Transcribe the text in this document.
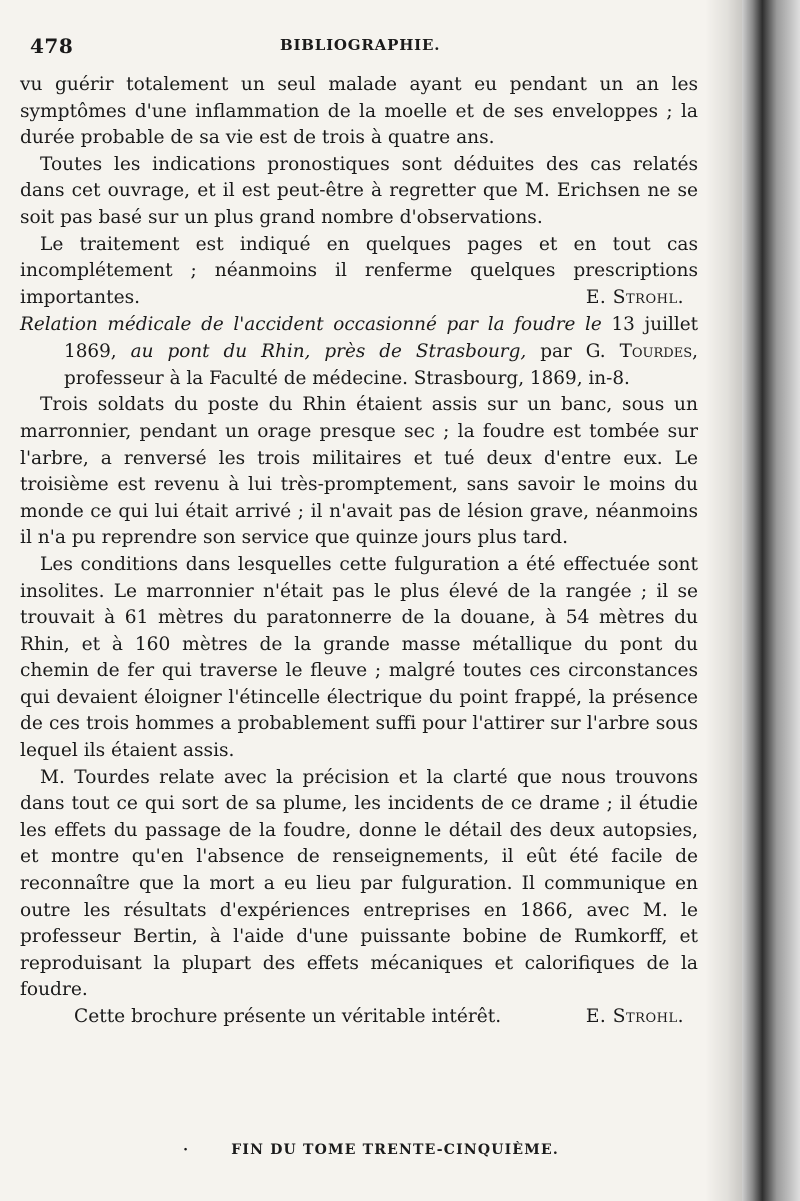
478	BIBLIOGRAPHIE.

vu guérir totalement un seul malade ayant eu pendant un an les symptômes d'une inflammation de la moelle et de ses enveloppes ; la durée probable de sa vie est de trois à quatre ans.

Toutes les indications pronostiques sont déduites des cas relatés dans cet ouvrage, et il est peut-être à regretter que M. Erichsen ne se soit pas basé sur un plus grand nombre d'observations.

Le traitement est indiqué en quelques pages et en tout cas incomplétement ; néanmoins il renferme quelques prescriptions importantes.	E. Strohl.

Relation médicale de l'accident occasionné par la foudre le 13 juillet 1869, au pont du Rhin, près de Strasbourg, par G. Tourdes, professeur à la Faculté de médecine. Strasbourg, 1869, in-8.

Trois soldats du poste du Rhin étaient assis sur un banc, sous un marronnier, pendant un orage presque sec ; la foudre est tombée sur l'arbre, a renversé les trois militaires et tué deux d'entre eux. Le troisième est revenu à lui très-promptement, sans savoir le moins du monde ce qui lui était arrivé ; il n'avait pas de lésion grave, néanmoins il n'a pu reprendre son service que quinze jours plus tard.

Les conditions dans lesquelles cette fulguration a été effectuée sont insolites. Le marronnier n'était pas le plus élevé de la rangée ; il se trouvait à 61 mètres du paratonnerre de la douane, à 54 mètres du Rhin, et à 160 mètres de la grande masse métallique du pont du chemin de fer qui traverse le fleuve ; malgré toutes ces circonstances qui devaient éloigner l'étincelle électrique du point frappé, la présence de ces trois hommes a probablement suffi pour l'attirer sur l'arbre sous lequel ils étaient assis.

M. Tourdes relate avec la précision et la clarté que nous trouvons dans tout ce qui sort de sa plume, les incidents de ce drame ; il étudie les effets du passage de la foudre, donne le détail des deux autopsies, et montre qu'en l'absence de renseignements, il eût été facile de reconnaître que la mort a eu lieu par fulguration. Il communique en outre les résultats d'expériences entreprises en 1866, avec M. le professeur Bertin, à l'aide d'une puissante bobine de Rumkorff, et reproduisant la plupart des effets mécaniques et calorifiques de la foudre.

Cette brochure présente un véritable intérêt.	E. Strohl.
·	FIN DU TOME TRENTE-CINQUIÈME.
